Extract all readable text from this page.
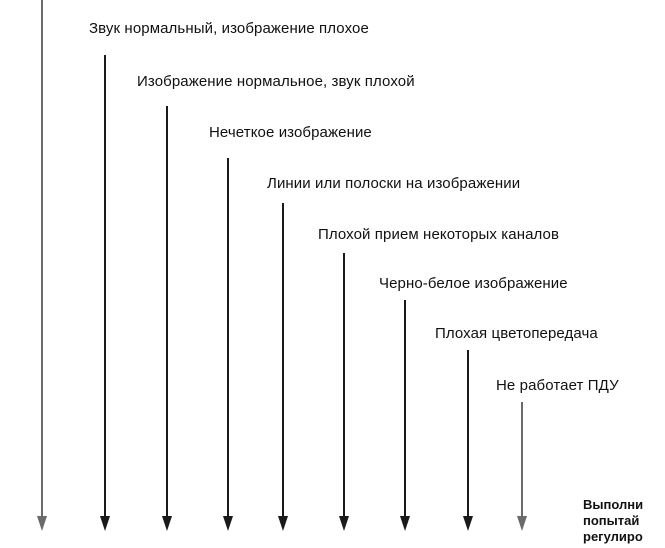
Звук нормальный, изображение плохое
Изображение нормальное, звук плохой
Нечеткое изображение
Линии или полоски на изображении
Плохой прием некоторых каналов
Черно-белое изображение
Плохая цветопередача
Не работает ПДУ
Выполни
попытай
регулиро
